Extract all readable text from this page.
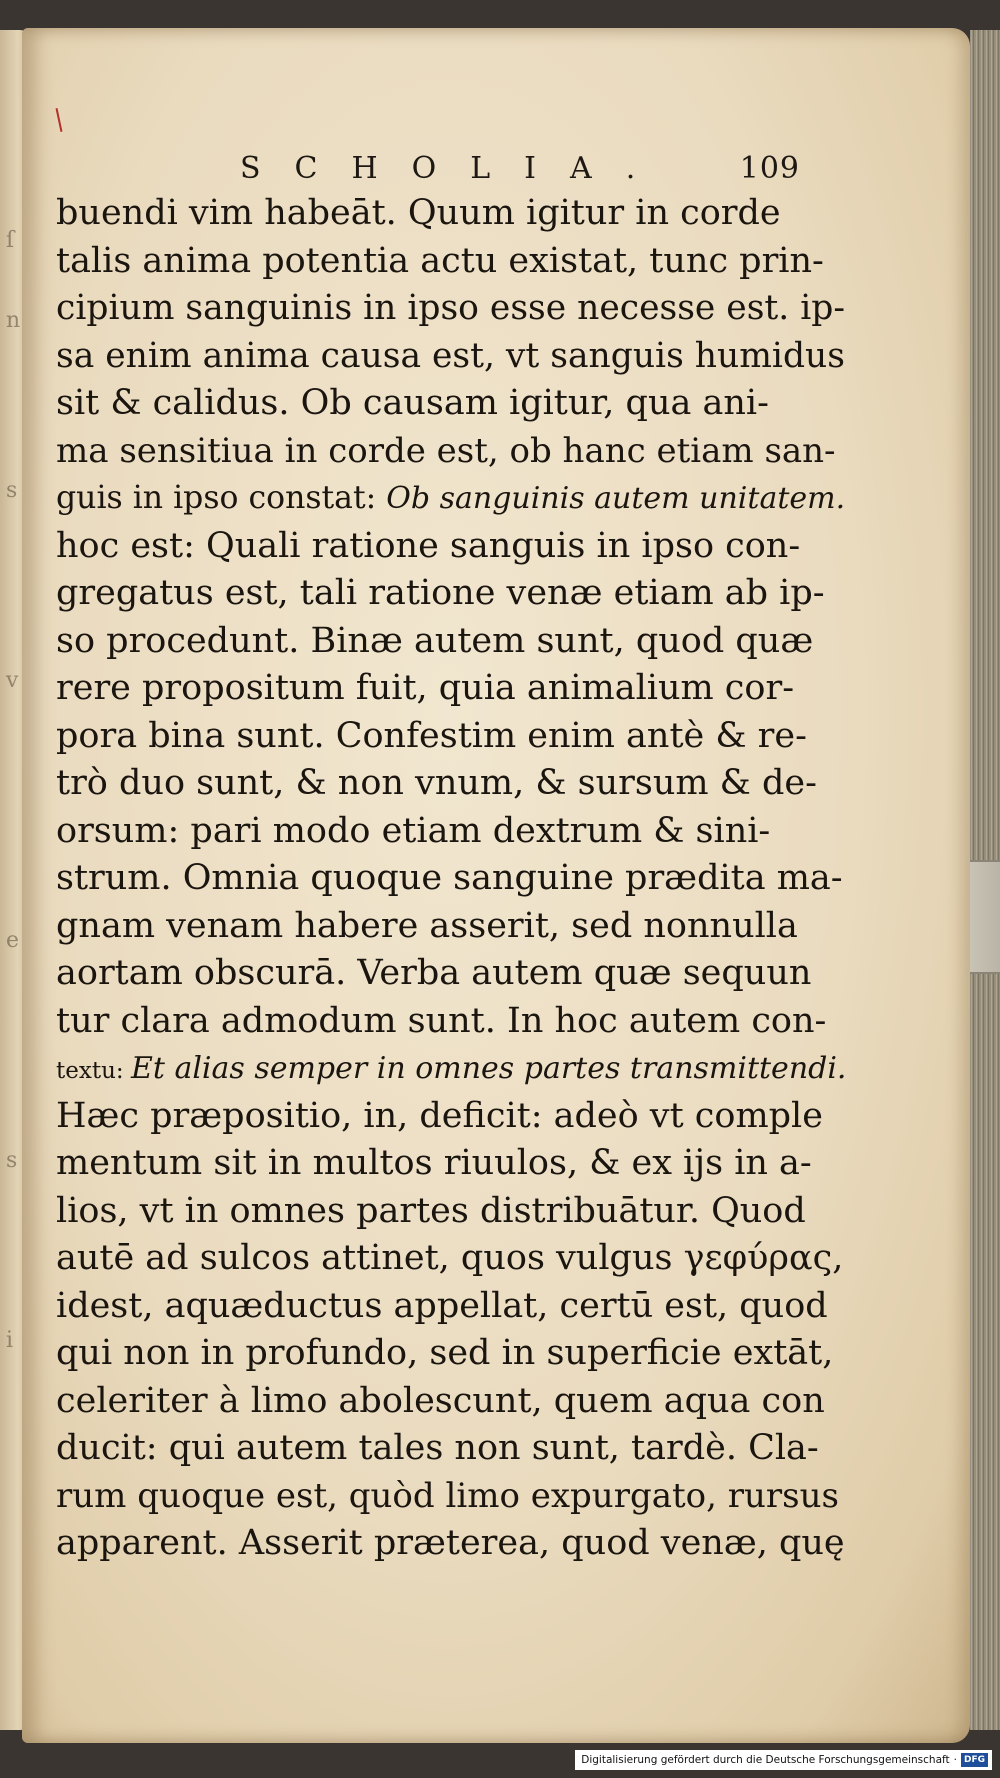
ſ
n
s
v
e
s
i
SCHOLIA. 109
buendi vim habeāt. Quum igitur in corde
talis anima potentia actu existat, tunc prin-
cipium sanguinis in ipso esse necesse est. ip-
sa enim anima causa est, vt sanguis humidus
sit & calidus. Ob causam igitur, qua ani-
ma sensitiua in corde est, ob hanc etiam san-
guis in ipso constat: Ob sanguinis autem unitatem.
hoc est: Quali ratione sanguis in ipso con-
gregatus est, tali ratione venæ etiam ab ip-
so procedunt. Binæ autem sunt, quod quæ
rere propositum fuit, quia animalium cor-
pora bina sunt. Confestim enim antè & re-
trò duo sunt, & non vnum, & sursum & de-
orsum: pari modo etiam dextrum & sini-
strum. Omnia quoque sanguine prædita ma-
gnam venam habere asserit, sed nonnulla
aortam obscurā. Verba autem quæ sequun
tur clara admodum sunt. In hoc autem con-
textu: Et alias semper in omnes partes transmittendi.
Hæc præpositio, in, deficit: adeò vt comple
mentum sit in multos riuulos, & ex ijs in a-
lios, vt in omnes partes distribuātur. Quod
autē ad sulcos attinet, quos vulgus γεφύρας,
idest, aquæductus appellat, certū est, quod
qui non in profundo, sed in superficie extāt,
celeriter à limo abolescunt, quem aqua con
ducit: qui autem tales non sunt, tardè. Cla-
rum quoque est, quòd limo expurgato, rursus
apparent. Asserit præterea, quod venæ, quę
Digitalisierung gefördert durch die Deutsche Forschungsgemeinschaft · DFG
